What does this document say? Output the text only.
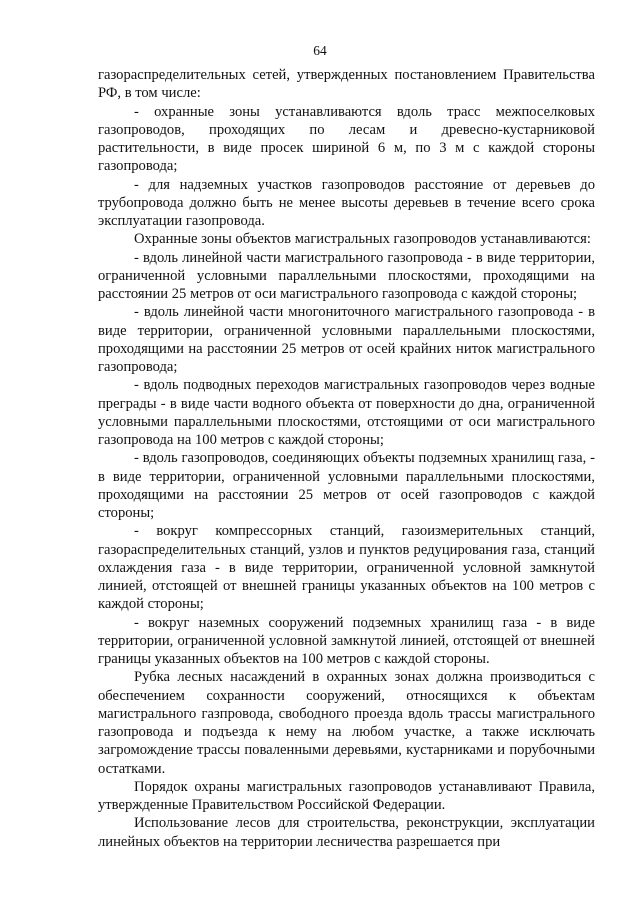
64

газораспределительных сетей, утвержденных постановлением Правительства РФ, в том числе:

- охранные зоны устанавливаются вдоль трасс межпоселковых газопроводов, проходящих по лесам и древесно-кустарниковой растительности, в виде просек шириной 6 м, по 3 м с каждой стороны газопровода;

- для надземных участков газопроводов расстояние от деревьев до трубопровода должно быть не менее высоты деревьев в течение всего срока эксплуатации газопровода.

Охранные зоны объектов магистральных газопроводов устанавливаются:

- вдоль линейной части магистрального газопровода - в виде территории, ограниченной условными параллельными плоскостями, проходящими на расстоянии 25 метров от оси магистрального газопровода с каждой стороны;

- вдоль линейной части многониточного магистрального газопровода - в виде территории, ограниченной условными параллельными плоскостями, проходящими на расстоянии 25 метров от осей крайних ниток магистрального газопровода;

- вдоль подводных переходов магистральных газопроводов через водные преграды - в виде части водного объекта от поверхности до дна, ограниченной условными параллельными плоскостями, отстоящими от оси магистрального газопровода на 100 метров с каждой стороны;

- вдоль газопроводов, соединяющих объекты подземных хранилищ газа, - в виде территории, ограниченной условными параллельными плоскостями, проходящими на расстоянии 25 метров от осей газопроводов с каждой стороны;

- вокруг компрессорных станций, газоизмерительных станций, газораспределительных станций, узлов и пунктов редуцирования газа, станций охлаждения газа - в виде территории, ограниченной условной замкнутой линией, отстоящей от внешней границы указанных объектов на 100 метров с каждой стороны;

- вокруг наземных сооружений подземных хранилищ газа - в виде территории, ограниченной условной замкнутой линией, отстоящей от внешней границы указанных объектов на 100 метров с каждой стороны.

Рубка лесных насаждений в охранных зонах должна производиться с обеспечением сохранности сооружений, относящихся к объектам магистрального газпровода, свободного проезда вдоль трассы магистрального газопровода и подъезда к нему на любом участке, а также исключать загромождение трассы поваленными деревьями, кустарниками и порубочными остатками.

Порядок охраны магистральных газопроводов устанавливают Правила, утвержденные Правительством Российской Федерации.

Использование лесов для строительства, реконструкции, эксплуатации линейных объектов на территории лесничества разрешается при
